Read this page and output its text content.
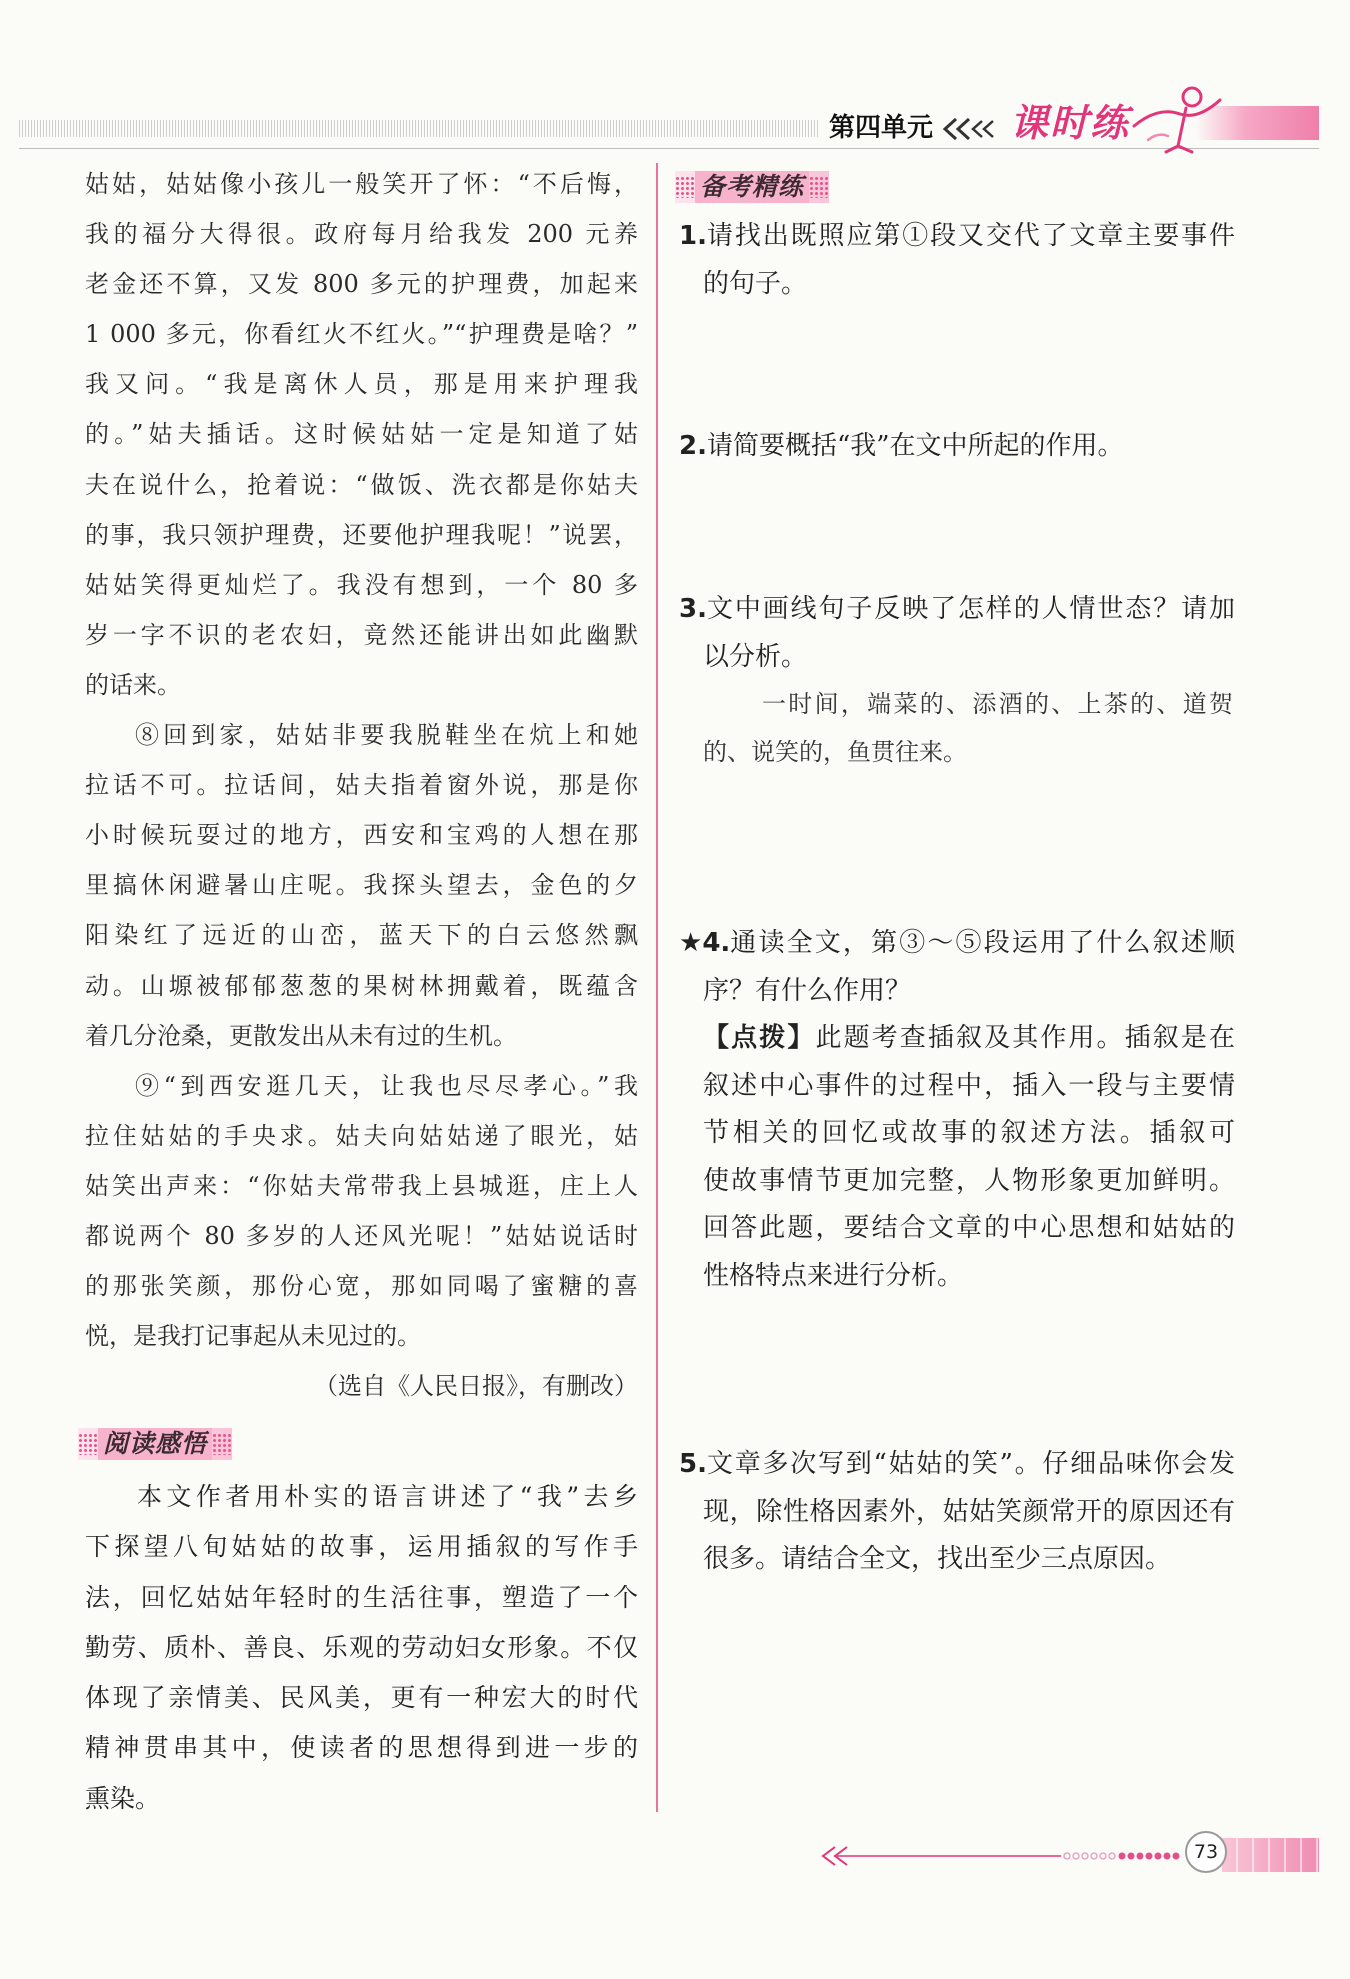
第四单元 课时练
姑姑，姑姑像小孩儿一般笑开了怀：“不后悔，
我的福分大得很。政府每月给我发 200 元养
老金还不算，又发 800 多元的护理费，加起来
1 000 多元，你看红火不红火。”“护理费是啥？”
我又问。“我是离休人员，那是用来护理我
的。”姑夫插话。这时候姑姑一定是知道了姑
夫在说什么，抢着说：“做饭、洗衣都是你姑夫
的事，我只领护理费，还要他护理我呢！”说罢，
姑姑笑得更灿烂了。我没有想到，一个 80 多
岁一字不识的老农妇，竟然还能讲出如此幽默
的话来。
⑧回到家，姑姑非要我脱鞋坐在炕上和她
拉话不可。拉话间，姑夫指着窗外说，那是你
小时候玩耍过的地方，西安和宝鸡的人想在那
里搞休闲避暑山庄呢。我探头望去，金色的夕
阳染红了远近的山峦，蓝天下的白云悠然飘
动。山塬被郁郁葱葱的果树林拥戴着，既蕴含
着几分沧桑，更散发出从未有过的生机。
⑨“到西安逛几天，让我也尽尽孝心。”我
拉住姑姑的手央求。姑夫向姑姑递了眼光，姑
姑笑出声来：“你姑夫常带我上县城逛，庄上人
都说两个 80 多岁的人还风光呢！”姑姑说话时
的那张笑颜，那份心宽，那如同喝了蜜糖的喜
悦，是我打记事起从未见过的。
（选自《人民日报》，有删改）
阅读感悟
本文作者用朴实的语言讲述了“我”去乡
下探望八旬姑姑的故事，运用插叙的写作手
法，回忆姑姑年轻时的生活往事，塑造了一个
勤劳、质朴、善良、乐观的劳动妇女形象。不仅
体现了亲情美、民风美，更有一种宏大的时代
精神贯串其中，使读者的思想得到进一步的
熏染。
备考精练
1. 请找出既照应第①段又交代了文章主要事件
的句子。
2. 请简要概括“我”在文中所起的作用。
3. 文中画线句子反映了怎样的人情世态？请加
以分析。
一时间，端菜的、添酒的、上茶的、道贺
的、说笑的，鱼贯往来。
★ 4. 通读全文，第③～⑤段运用了什么叙述顺
序？有什么作用？
【点拨】此题考查插叙及其作用。插叙是在
叙述中心事件的过程中，插入一段与主要情
节相关的回忆或故事的叙述方法。插叙可
使故事情节更加完整，人物形象更加鲜明。
回答此题，要结合文章的中心思想和姑姑的
性格特点来进行分析。
5. 文章多次写到“姑姑的笑”。仔细品味你会发
现，除性格因素外，姑姑笑颜常开的原因还有
很多。请结合全文，找出至少三点原因。
73
